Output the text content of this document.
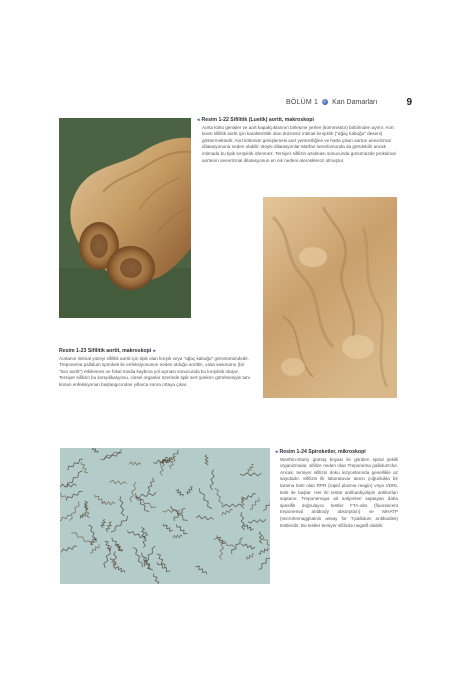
BÖLÜM 1 Kan Damarları	9
◄ Resim 1-22 Sifilitik (Luetik) aortit, makroskopi
Aorta kökü genişler ve aort kapakçıklarının birleşme yerleri (kommissür) birbirinden ayrılır. Aort kavsi sifilitik aortit için karakteristik olan düzensiz intimal kırışıklık ("ağaç kabuğu" deseni) göstermektedir. Aort kökünün genişlemesi aort yetmezliğine ve hatta çıkan aortun anevrizmal dilatasyonuna neden olabilir. Böyle dilatasyonlar Marfan sendromunda da görülebilir ancak intimada bu tipik kırışıklık izlenmez. Tersiyer sifilizin azalması sonucunda günümüzde proksimal aortanın anevrizmal dilatasyonun en sık nedeni ateroskleroz olmuştur.
Resim 1-23 Sifilitik aortit, makroskopi ►
Aortanın intimal yüzeyi sifilitik aortit için tipik olan kırışık veya "ağaç kabuğu" görünümündedir. Treponema pallidum spiroketi ile enfeksiyonunun neden olduğu aortitin, vasa vasorumu (bir "son aortit") etkilemesi ve fokal media kaybına yol açması sonucunda bu kırışıklık oluşur. Tersiyer sifilizin bu komplikasyonu, cinsel organlar üzerinde tipik sert şankrın görülmesiyle tanı konan enfeksiyonun başlangıcından yıllarca sonra ortaya çıkar.
◄ Resim 1-24 Spiroketler, mikroskopi
Warthin-Starry gümüş boyası ile görülen spiral şekilli organizmalar, sifilize neden olan Treponema pallidum'dur. Ancak, tersiyer sifilizin doku lezyonlarında genellikle az sayıdadır. Sifilizin ilk laboratuvar tanısı çoğunlukla bir tarama testi olan RPR (rapid plazma reagin) veya VDRL testi ile başlar. Her iki testte antikardiyolipin antikorları saptanır. Treponemaya ait antijenleri saptayan daha spesifik doğrulayıcı testler FTA-abs (fluorescent treponemal antibody absorption) ve MHATP (microhemagglutinin assay for T.pallidum antibodies) testleridir. Bu testler tersiyer sifilizde negatif olabilir.
